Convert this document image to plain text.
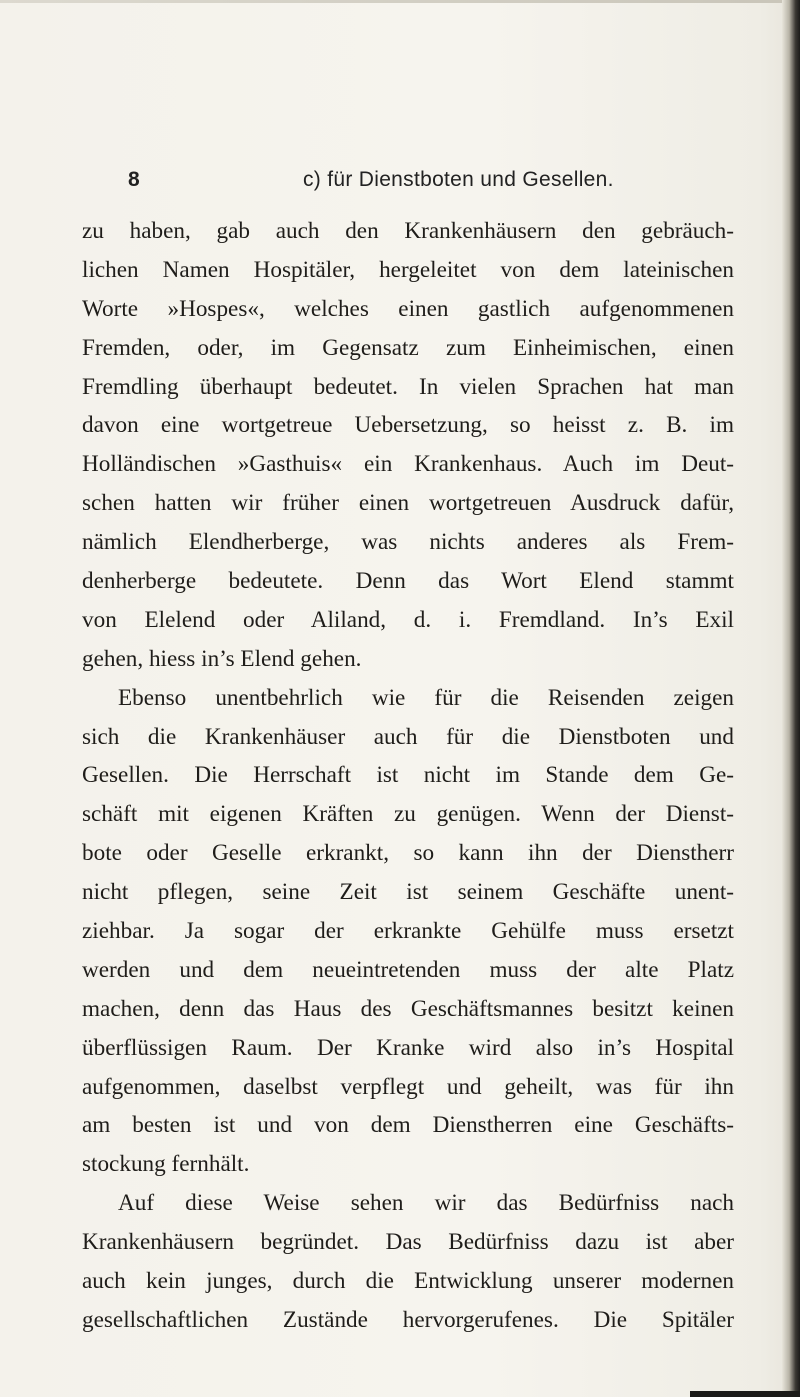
8	c) für Dienstboten und Gesellen.
zu haben, gab auch den Krankenhäusern den gebräuch-
lichen Namen Hospitäler, hergeleitet von dem lateinischen
Worte »Hospes«, welches einen gastlich aufgenommenen
Fremden, oder, im Gegensatz zum Einheimischen, einen
Fremdling überhaupt bedeutet. In vielen Sprachen hat man
davon eine wortgetreue Uebersetzung, so heisst z. B. im
Holländischen »Gasthuis« ein Krankenhaus. Auch im Deut-
schen hatten wir früher einen wortgetreuen Ausdruck dafür,
nämlich Elendherberge, was nichts anderes als Frem-
denherberge bedeutete. Denn das Wort Elend stammt
von Elelend oder Aliland, d. i. Fremdland. In’s Exil
gehen, hiess in’s Elend gehen.
Ebenso unentbehrlich wie für die Reisenden zeigen
sich die Krankenhäuser auch für die Dienstboten und
Gesellen. Die Herrschaft ist nicht im Stande dem Ge-
schäft mit eigenen Kräften zu genügen. Wenn der Dienst-
bote oder Geselle erkrankt, so kann ihn der Dienstherr
nicht pflegen, seine Zeit ist seinem Geschäfte unent-
ziehbar. Ja sogar der erkrankte Gehülfe muss ersetzt
werden und dem neueintretenden muss der alte Platz
machen, denn das Haus des Geschäftsmannes besitzt keinen
überflüssigen Raum. Der Kranke wird also in’s Hospital
aufgenommen, daselbst verpflegt und geheilt, was für ihn
am besten ist und von dem Dienstherren eine Geschäfts-
stockung fernhält.
Auf diese Weise sehen wir das Bedürfniss nach
Krankenhäusern begründet. Das Bedürfniss dazu ist aber
auch kein junges, durch die Entwicklung unserer modernen
gesellschaftlichen Zustände hervorgerufenes. Die Spitäler
